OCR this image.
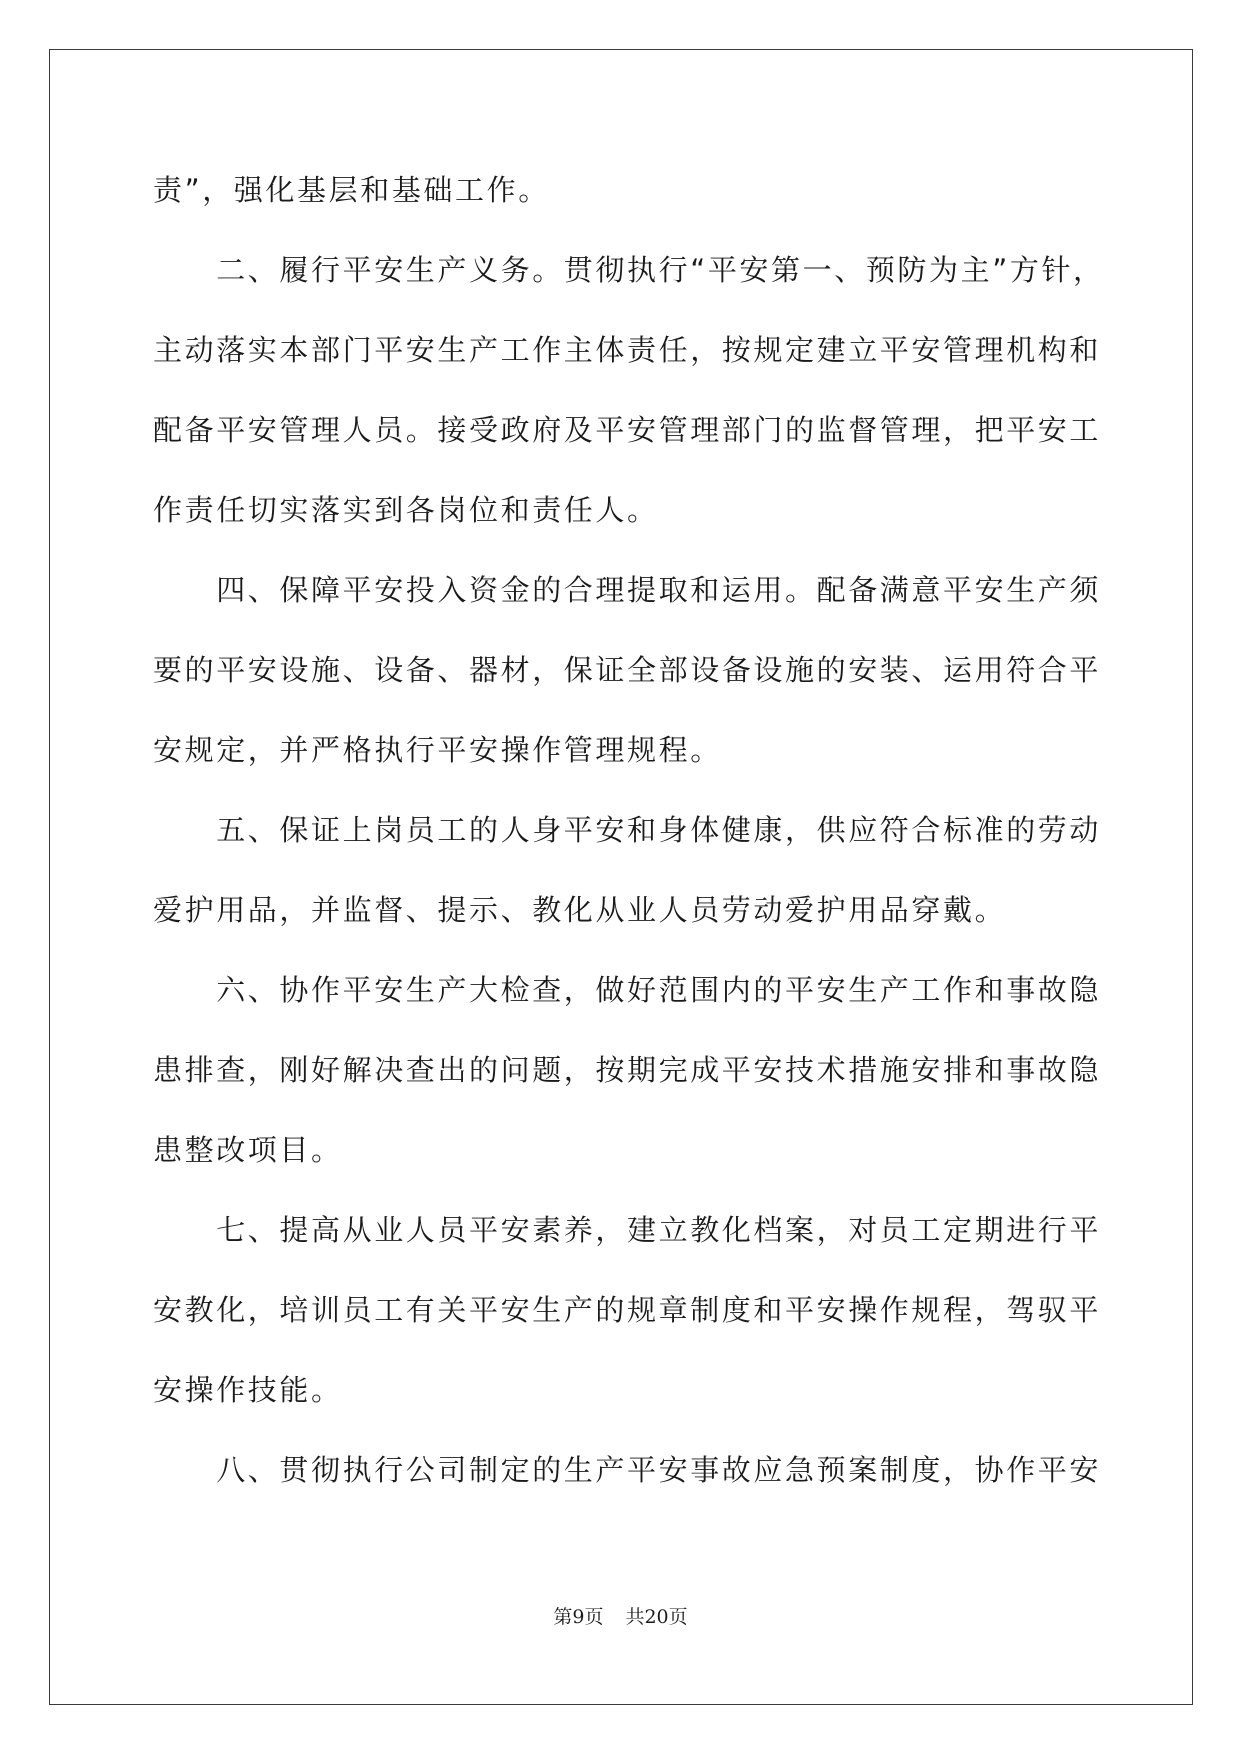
责”，强化基层和基础工作。
　　二、履行平安生产义务。贯彻执行“平安第一、预防为主”方针，
主动落实本部门平安生产工作主体责任，按规定建立平安管理机构和
配备平安管理人员。接受政府及平安管理部门的监督管理，把平安工
作责任切实落实到各岗位和责任人。
　　四、保障平安投入资金的合理提取和运用。配备满意平安生产须
要的平安设施、设备、器材，保证全部设备设施的安装、运用符合平
安规定，并严格执行平安操作管理规程。
　　五、保证上岗员工的人身平安和身体健康，供应符合标准的劳动
爱护用品，并监督、提示、教化从业人员劳动爱护用品穿戴。
　　六、协作平安生产大检查，做好范围内的平安生产工作和事故隐
患排查，刚好解决查出的问题，按期完成平安技术措施安排和事故隐
患整改项目。
　　七、提高从业人员平安素养，建立教化档案，对员工定期进行平
安教化，培训员工有关平安生产的规章制度和平安操作规程，驾驭平
安操作技能。
　　八、贯彻执行公司制定的生产平安事故应急预案制度，协作平安
第9页 共20页
